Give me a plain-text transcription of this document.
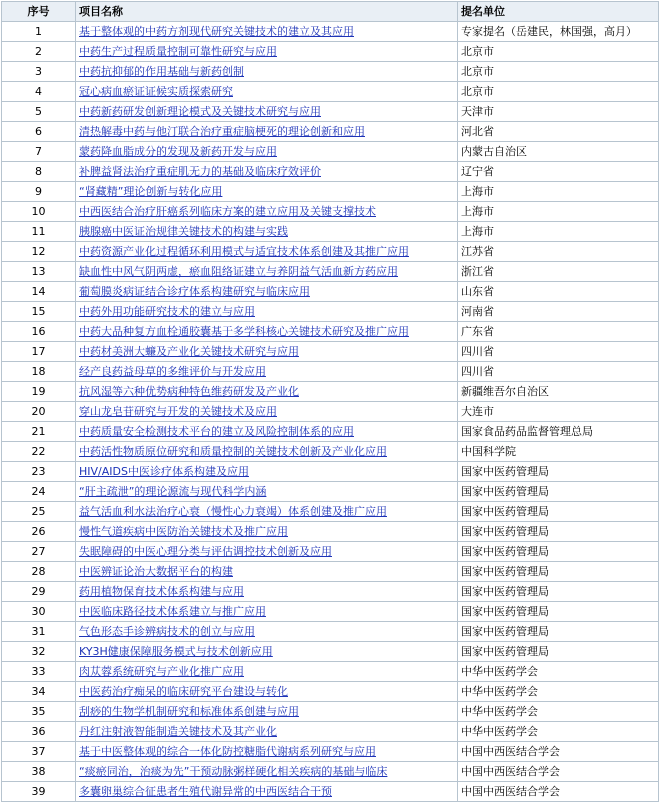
序号	项目名称	提名单位
1	基于整体观的中药方剂现代研究关键技术的建立及其应用	专家提名（岳建民，林国强，高月）
2	中药生产过程质量控制可靠性研究与应用	北京市
3	中药抗抑郁的作用基础与新药创制	北京市
4	冠心病血瘀证证候实质探索研究	北京市
5	中药新药研发创新理论模式及关键技术研究与应用	天津市
6	清热解毒中药与他汀联合治疗重症脑梗死的理论创新和应用	河北省
7	蒙药降血脂成分的发现及新药开发与应用	内蒙古自治区
8	补脾益肾法治疗重症肌无力的基础及临床疗效评价	辽宁省
9	“肾藏精”理论创新与转化应用	上海市
10	中西医结合治疗肝癌系列临床方案的建立应用及关键支撑技术	上海市
11	胰腺癌中医证治规律关键技术的构建与实践	上海市
12	中药资源产业化过程循环利用模式与适宜技术体系创建及其推广应用	江苏省
13	缺血性中风气阴两虚，瘀血阻络证建立与养阴益气活血新方药应用	浙江省
14	葡萄膜炎病证结合诊疗体系构建研究与临床应用	山东省
15	中药外用功能研究技术的建立与应用	河南省
16	中药大品种复方血栓通胶囊基于多学科核心关键技术研究及推广应用	广东省
17	中药材美洲大蠊及产业化关键技术研究与应用	四川省
18	经产良药益母草的多维评价与开发应用	四川省
19	抗风湿等六种优势病种特色维药研发及产业化	新疆维吾尔自治区
20	穿山龙皂苷研究与开发的关键技术及应用	大连市
21	中药质量安全检测技术平台的建立及风险控制体系的应用	国家食品药品监督管理总局
22	中药活性物质原位研究和质量控制的关键技术创新及产业化应用	中国科学院
23	HIV/AIDS中医诊疗体系构建及应用	国家中医药管理局
24	“肝主疏泄”的理论源流与现代科学内涵	国家中医药管理局
25	益气活血利水法治疗心衰（慢性心力衰竭）体系创建及推广应用	国家中医药管理局
26	慢性气道疾病中医防治关键技术及推广应用	国家中医药管理局
27	失眠障碍的中医心理分类与评估调控技术创新及应用	国家中医药管理局
28	中医辨证论治大数据平台的构建	国家中医药管理局
29	药用植物保育技术体系构建与应用	国家中医药管理局
30	中医临床路径技术体系建立与推广应用	国家中医药管理局
31	气色形态手诊辨病技术的创立与应用	国家中医药管理局
32	KY3H健康保障服务模式与技术创新应用	国家中医药管理局
33	肉苁蓉系统研究与产业化推广应用	中华中医药学会
34	中医药治疗痴呆的临床研究平台建设与转化	中华中医药学会
35	刮痧的生物学机制研究和标准体系创建与应用	中华中医药学会
36	丹红注射液智能制造关键技术及其产业化	中华中医药学会
37	基于中医整体观的综合一体化防控糖脂代谢病系列研究与应用	中国中西医结合学会
38	“痰瘀同治，治痰为先”干预动脉粥样硬化相关疾病的基础与临床	中国中西医结合学会
39	多囊卵巢综合征患者生殖代谢异常的中西医结合干预	中国中西医结合学会
